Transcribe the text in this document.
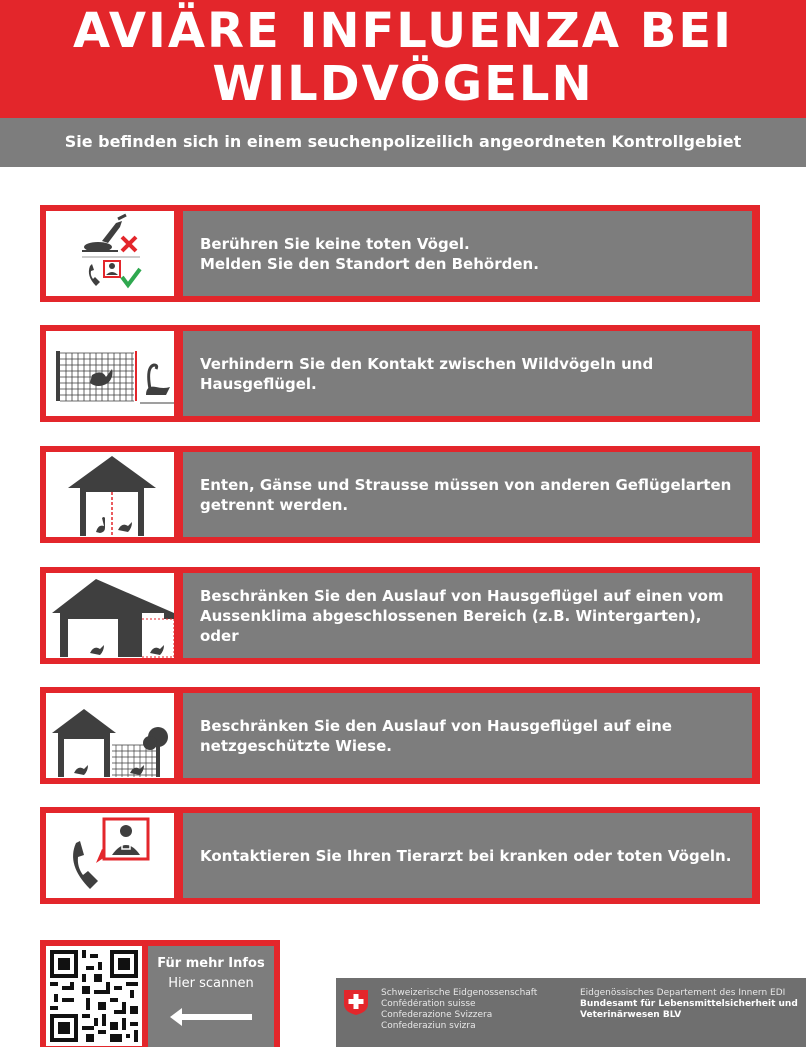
AVIÄRE INFLUENZA BEI
WILDVÖGELN
Sie befinden sich in einem seuchenpolizeilich angeordneten Kontrollgebiet
Berühren Sie keine toten Vögel.
Melden Sie den Standort den Behörden.
Verhindern Sie den Kontakt zwischen Wildvögeln und
Hausgeflügel.
Enten, Gänse und Strausse müssen von anderen Geflügelarten
getrennt werden.
Beschränken Sie den Auslauf von Hausgeflügel auf einen vom
Aussenklima abgeschlossenen Bereich (z.B. Wintergarten), oder
Beschränken Sie den Auslauf von Hausgeflügel auf eine
netzgeschützte Wiese.
Kontaktieren Sie Ihren Tierarzt bei kranken oder toten Vögeln.
Für mehr Infos
Hier scannen
Schweizerische Eidgenossenschaft
Confédération suisse
Confederazione Svizzera
Confederaziun svizra
Eidgenössisches Departement des Innern EDI
Bundesamt für Lebensmittelsicherheit und
Veterinärwesen BLV
